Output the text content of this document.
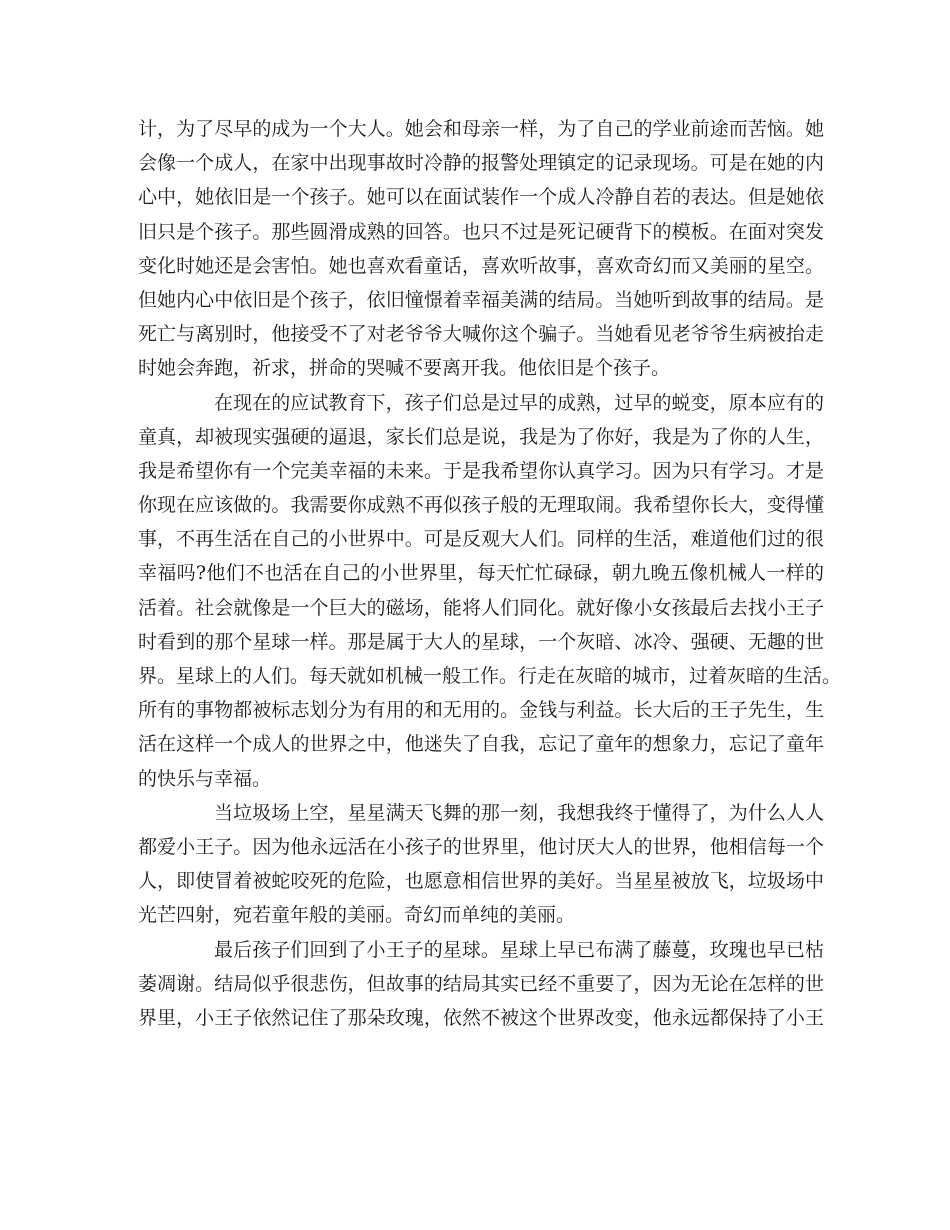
计，为了尽早的成为一个大人。她会和母亲一样，为了自己的学业前途而苦恼。她
会像一个成人，在家中出现事故时冷静的报警处理镇定的记录现场。可是在她的内
心中，她依旧是一个孩子。她可以在面试装作一个成人冷静自若的表达。但是她依
旧只是个孩子。那些圆滑成熟的回答。也只不过是死记硬背下的模板。在面对突发
变化时她还是会害怕。她也喜欢看童话，喜欢听故事，喜欢奇幻而又美丽的星空。
但她内心中依旧是个孩子，依旧憧憬着幸福美满的结局。当她听到故事的结局。是
死亡与离别时，他接受不了对老爷爷大喊你这个骗子。当她看见老爷爷生病被抬走
时她会奔跑，祈求，拼命的哭喊不要离开我。他依旧是个孩子。
在现在的应试教育下，孩子们总是过早的成熟，过早的蜕变，原本应有的
童真，却被现实强硬的逼退，家长们总是说，我是为了你好，我是为了你的人生，
我是希望你有一个完美幸福的未来。于是我希望你认真学习。因为只有学习。才是
你现在应该做的。我需要你成熟不再似孩子般的无理取闹。我希望你长大，变得懂
事，不再生活在自己的小世界中。可是反观大人们。同样的生活，难道他们过的很
幸福吗?他们不也活在自己的小世界里，每天忙忙碌碌，朝九晚五像机械人一样的
活着。社会就像是一个巨大的磁场，能将人们同化。就好像小女孩最后去找小王子
时看到的那个星球一样。那是属于大人的星球，一个灰暗、冰冷、强硬、无趣的世
界。星球上的人们。每天就如机械一般工作。行走在灰暗的城市，过着灰暗的生活。
所有的事物都被标志划分为有用的和无用的。金钱与利益。长大后的王子先生，生
活在这样一个成人的世界之中，他迷失了自我，忘记了童年的想象力，忘记了童年
的快乐与幸福。
当垃圾场上空，星星满天飞舞的那一刻，我想我终于懂得了，为什么人人
都爱小王子。因为他永远活在小孩子的世界里，他讨厌大人的世界，他相信每一个
人，即使冒着被蛇咬死的危险，也愿意相信世界的美好。当星星被放飞，垃圾场中
光芒四射，宛若童年般的美丽。奇幻而单纯的美丽。
最后孩子们回到了小王子的星球。星球上早已布满了藤蔓，玫瑰也早已枯
萎凋谢。结局似乎很悲伤，但故事的结局其实已经不重要了，因为无论在怎样的世
界里，小王子依然记住了那朵玫瑰，依然不被这个世界改变，他永远都保持了小王
